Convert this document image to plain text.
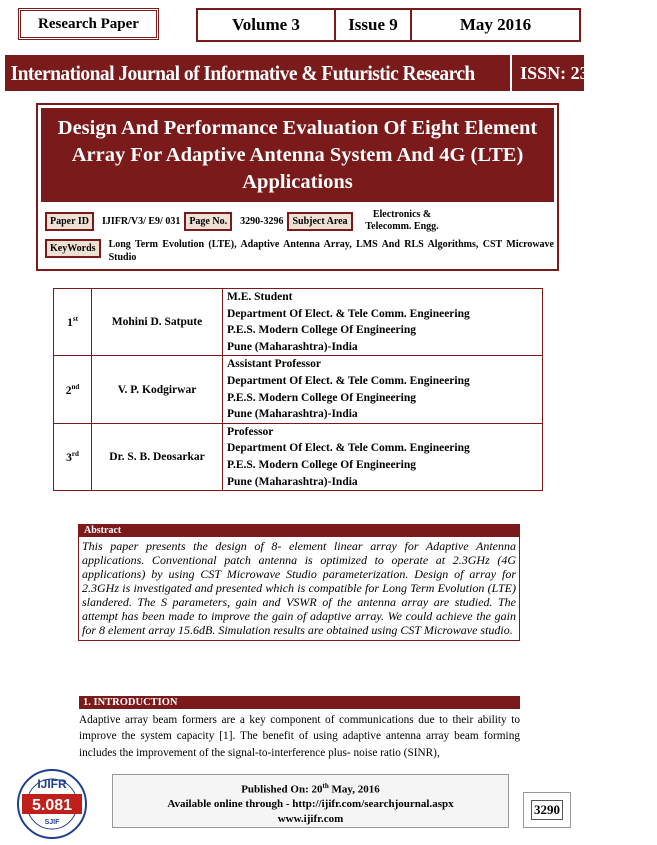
Research Paper	Volume 3	Issue 9	May 2016
International Journal of Informative & Futuristic Research	ISSN: 2347-1697
Design And Performance Evaluation Of Eight Element Array For Adaptive Antenna System And 4G (LTE) Applications
Paper ID	IJIFR/V3/ E9/ 031 Page No.	3290-3296 Subject Area
Electronics & Telecomm. Engg.
KeyWords	Long Term Evolution (LTE), Adaptive Antenna Array, LMS And RLS Algorithms, CST Microwave Studio
1st	Mohini D. Satpute	M.E. Student
Department Of Elect. & Tele Comm. Engineering
P.E.S. Modern College Of Engineering
Pune (Maharashtra)-India

2nd	V. P. Kodgirwar	Assistant Professor
Department Of Elect. & Tele Comm. Engineering
P.E.S. Modern College Of Engineering
Pune (Maharashtra)-India

3rd	Dr. S. B. Deosarkar	Professor
Department Of Elect. & Tele Comm. Engineering
P.E.S. Modern College Of Engineering
Pune (Maharashtra)-India
Abstract
This paper presents the design of 8- element linear array for Adaptive Antenna applications. Conventional patch antenna is optimized to operate at 2.3GHz (4G applications) by using CST Microwave Studio parameterization. Design of array for 2.3GHz is investigated and presented which is compatible for Long Term Evolution (LTE) slandered. The S parameters, gain and VSWR of the antenna array are studied. The attempt has been made to improve the gain of adaptive array. We could achieve the gain for 8 element array 15.6dB. Simulation results are obtained using CST Microwave studio.
1. INTRODUCTION
Adaptive array beam formers are a key component of communications due to their ability to improve the system capacity [1]. The benefit of using adaptive antenna array beam forming includes the improvement of the signal-to-interference plus- noise ratio (SINR),
IJIFR
5.081
SJIF
Published On: 20th May, 2016
Available online through - http://ijifr.com/searchjournal.aspx
www.ijifr.com
3290
